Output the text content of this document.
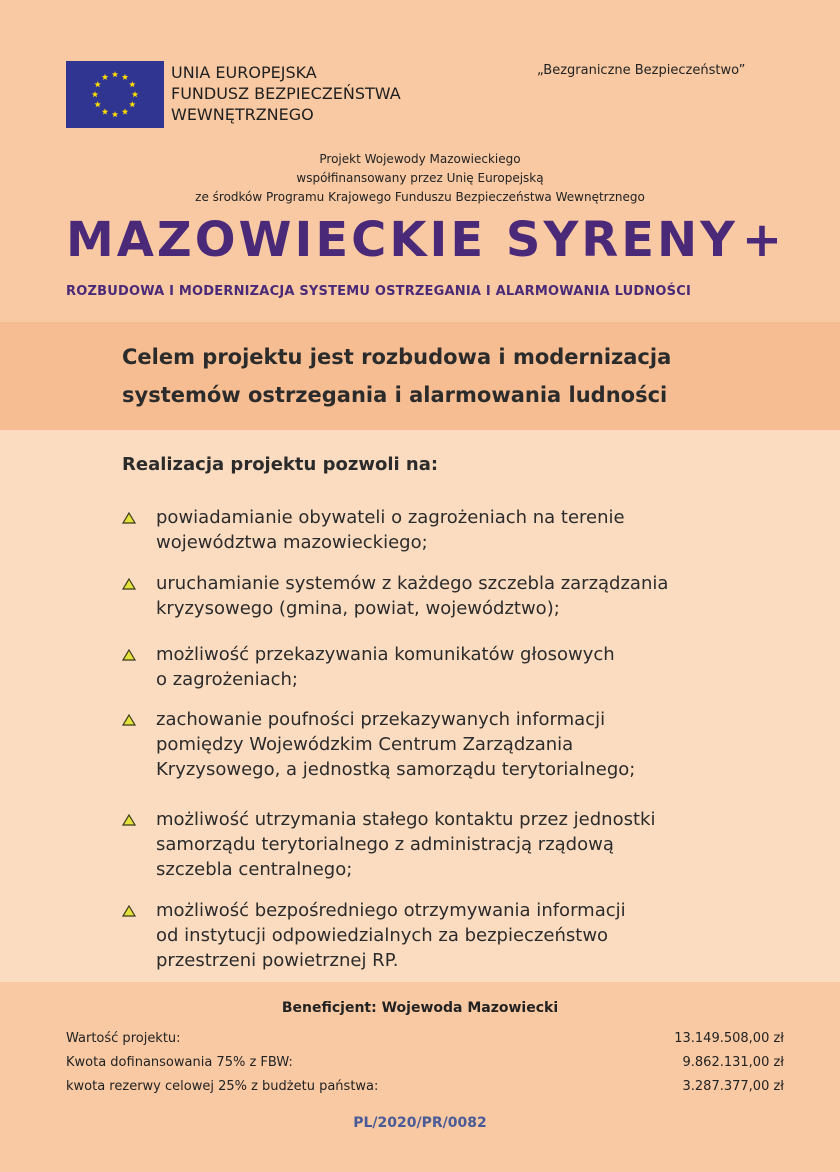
UNIA EUROPEJSKA
FUNDUSZ BEZPIECZEŃSTWA
WEWNĘTRZNEGO
„Bezgraniczne Bezpieczeństwo”
Projekt Wojewody Mazowieckiego
współfinansowany przez Unię Europejską
ze środków Programu Krajowego Funduszu Bezpieczeństwa Wewnętrznego
MAZOWIECKIE SYRENY+
ROZBUDOWA I MODERNIZACJA SYSTEMU OSTRZEGANIA I ALARMOWANIA LUDNOŚCI
Celem projektu jest rozbudowa i modernizacja
systemów ostrzegania i alarmowania ludności
Realizacja projektu pozwoli na:
powiadamianie obywateli o zagrożeniach na terenie
województwa mazowieckiego;
uruchamianie systemów z każdego szczebla zarządzania
kryzysowego (gmina, powiat, województwo);
możliwość przekazywania komunikatów głosowych
o zagrożeniach;
zachowanie poufności przekazywanych informacji
pomiędzy Wojewódzkim Centrum Zarządzania
Kryzysowego, a jednostką samorządu terytorialnego;
możliwość utrzymania stałego kontaktu przez jednostki
samorządu terytorialnego z administracją rządową
szczebla centralnego;
możliwość bezpośredniego otrzymywania informacji
od instytucji odpowiedzialnych za bezpieczeństwo
przestrzeni powietrznej RP.
Beneficjent: Wojewoda Mazowiecki
Wartość projektu:	13.149.508,00 zł
Kwota dofinansowania 75% z FBW:	9.862.131,00 zł
kwota rezerwy celowej 25% z budżetu państwa:	3.287.377,00 zł
PL/2020/PR/0082
